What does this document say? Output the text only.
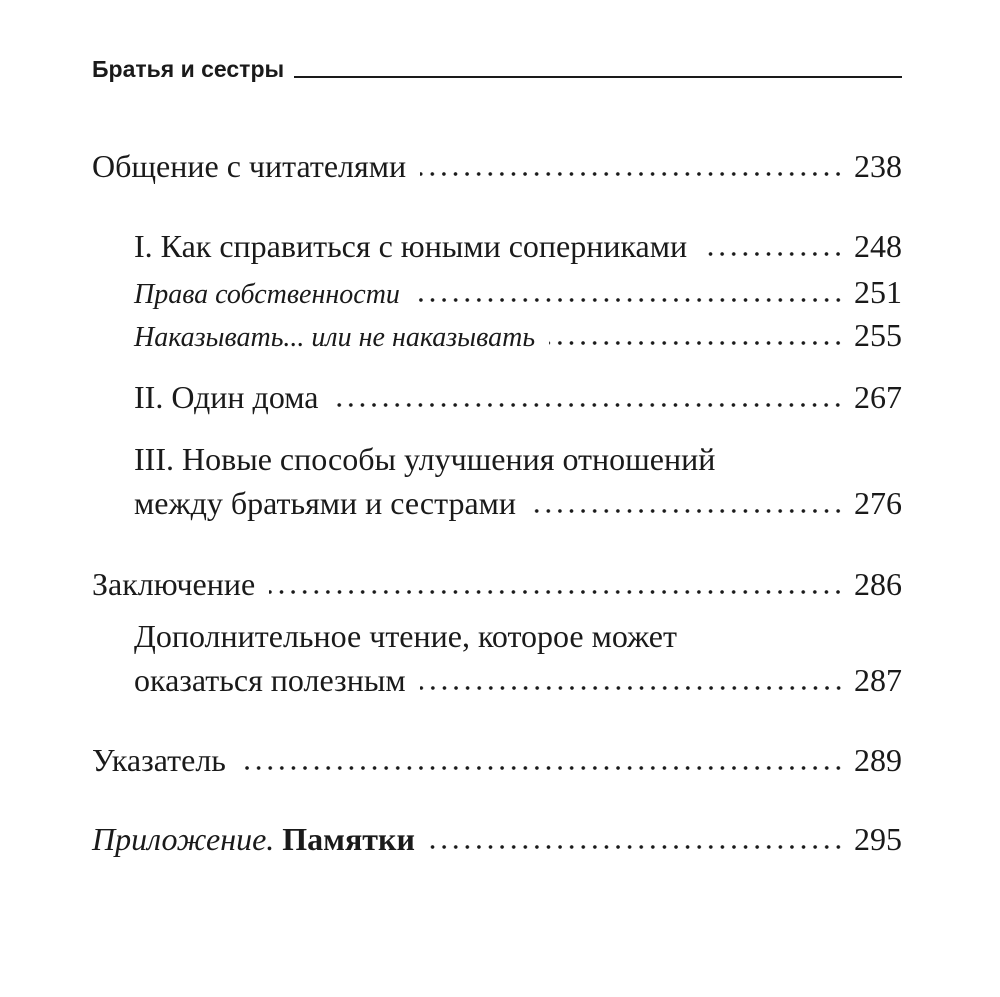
Братья и сестры
Общение с читателями	238
I. Как справиться с юными соперниками	248
Права собственности	251
Наказывать... или не наказывать	255
II. Один дома	267
III. Новые способы улучшения отношений
между братьями и сестрами	276
Заключение	286
Дополнительное чтение, которое может
оказаться полезным	287
Указатель	289
Приложение. Памятки	295
